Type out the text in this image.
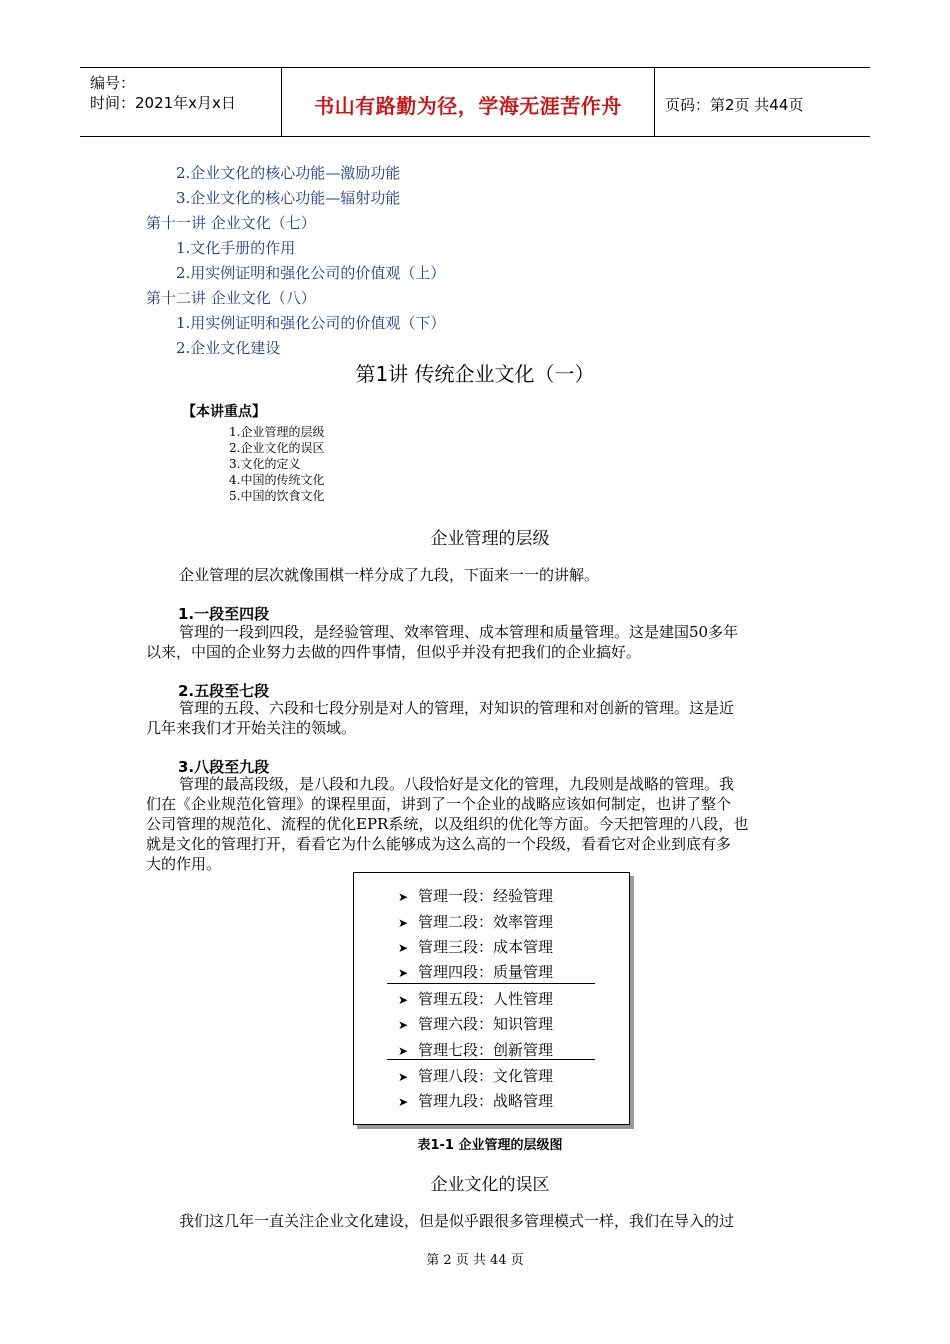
编号：
时间：2021年x月x日	书山有路勤为径，学海无涯苦作舟	页码：第2页 共44页
2.企业文化的核心功能—激励功能
3.企业文化的核心功能—辐射功能
第十一讲 企业文化（七）
1.文化手册的作用
2.用实例证明和强化公司的价值观（上）
第十二讲 企业文化（八）
1.用实例证明和强化公司的价值观（下）
2.企业文化建设
第1讲 传统企业文化（一）
【本讲重点】
1.企业管理的层级
2.企业文化的误区
3.文化的定义
4.中国的传统文化
5.中国的饮食文化
企业管理的层级
企业管理的层次就像围棋一样分成了九段，下面来一一的讲解。
1.一段至四段
管理的一段到四段，是经验管理、效率管理、成本管理和质量管理。这是建国50多年
以来，中国的企业努力去做的四件事情，但似乎并没有把我们的企业搞好。
2.五段至七段
管理的五段、六段和七段分别是对人的管理，对知识的管理和对创新的管理。这是近
几年来我们才开始关注的领域。
3.八段至九段
管理的最高段级，是八段和九段。八段恰好是文化的管理，九段则是战略的管理。我
们在《企业规范化管理》的课程里面，讲到了一个企业的战略应该如何制定，也讲了整个
公司管理的规范化、流程的优化EPR系统，以及组织的优化等方面。今天把管理的八段，也
就是文化的管理打开，看看它为什么能够成为这么高的一个段级，看看它对企业到底有多
大的作用。
➤ 管理一段：经验管理
➤ 管理二段：效率管理
➤ 管理三段：成本管理
➤ 管理四段：质量管理
➤ 管理五段：人性管理
➤ 管理六段：知识管理
➤ 管理七段：创新管理
➤ 管理八段：文化管理
➤ 管理九段：战略管理
表1-1 企业管理的层级图
企业文化的误区
我们这几年一直关注企业文化建设，但是似乎跟很多管理模式一样，我们在导入的过
第 2 页 共 44 页
